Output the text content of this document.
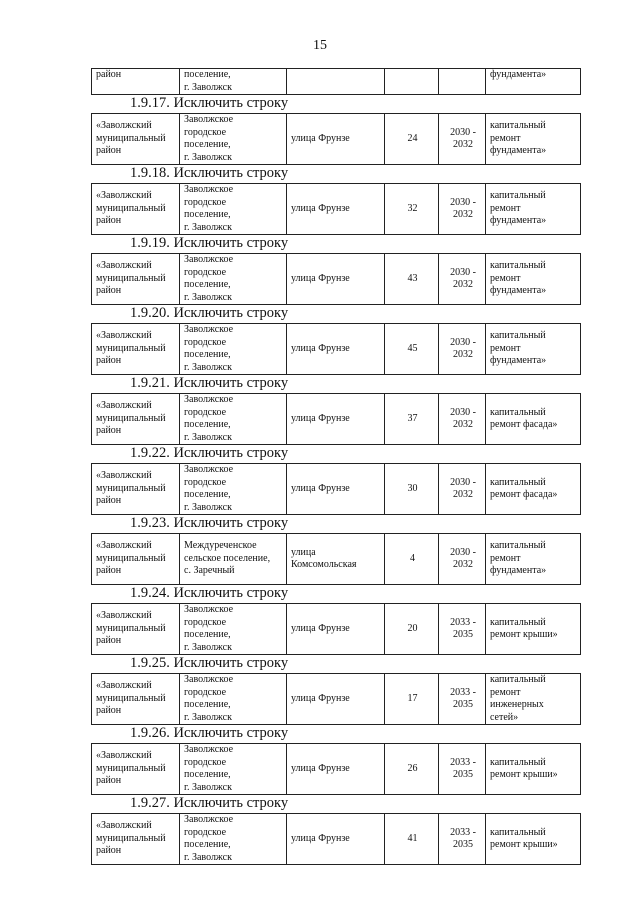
15
район	поселение,
г. Заволжск				фундамента»
1.9.17. Исключить строку
«Заволжский
муниципальный
район	Заволжское
городское
поселение,
г. Заволжск	улица Фрунзе	24	2030 -
2032	капитальный
ремонт
фундамента»
1.9.18. Исключить строку
«Заволжский
муниципальный
район	Заволжское
городское
поселение,
г. Заволжск	улица Фрунзе	32	2030 -
2032	капитальный
ремонт
фундамента»
1.9.19. Исключить строку
«Заволжский
муниципальный
район	Заволжское
городское
поселение,
г. Заволжск	улица Фрунзе	43	2030 -
2032	капитальный
ремонт
фундамента»
1.9.20. Исключить строку
«Заволжский
муниципальный
район	Заволжское
городское
поселение,
г. Заволжск	улица Фрунзе	45	2030 -
2032	капитальный
ремонт
фундамента»
1.9.21. Исключить строку
«Заволжский
муниципальный
район	Заволжское
городское
поселение,
г. Заволжск	улица Фрунзе	37	2030 -
2032	капитальный
ремонт фасада»
1.9.22. Исключить строку
«Заволжский
муниципальный
район	Заволжское
городское
поселение,
г. Заволжск	улица Фрунзе	30	2030 -
2032	капитальный
ремонт фасада»
1.9.23. Исключить строку
«Заволжский
муниципальный
район	Междуреченское
сельское поселение,
с. Заречный	улица
Комсомольская	4	2030 -
2032	капитальный
ремонт
фундамента»
1.9.24. Исключить строку
«Заволжский
муниципальный
район	Заволжское
городское
поселение,
г. Заволжск	улица Фрунзе	20	2033 -
2035	капитальный
ремонт крыши»
1.9.25. Исключить строку
«Заволжский
муниципальный
район	Заволжское
городское
поселение,
г. Заволжск	улица Фрунзе	17	2033 -
2035	капитальный
ремонт
инженерных
сетей»
1.9.26. Исключить строку
«Заволжский
муниципальный
район	Заволжское
городское
поселение,
г. Заволжск	улица Фрунзе	26	2033 -
2035	капитальный
ремонт крыши»
1.9.27. Исключить строку
«Заволжский
муниципальный
район	Заволжское
городское
поселение,
г. Заволжск	улица Фрунзе	41	2033 -
2035	капитальный
ремонт крыши»
